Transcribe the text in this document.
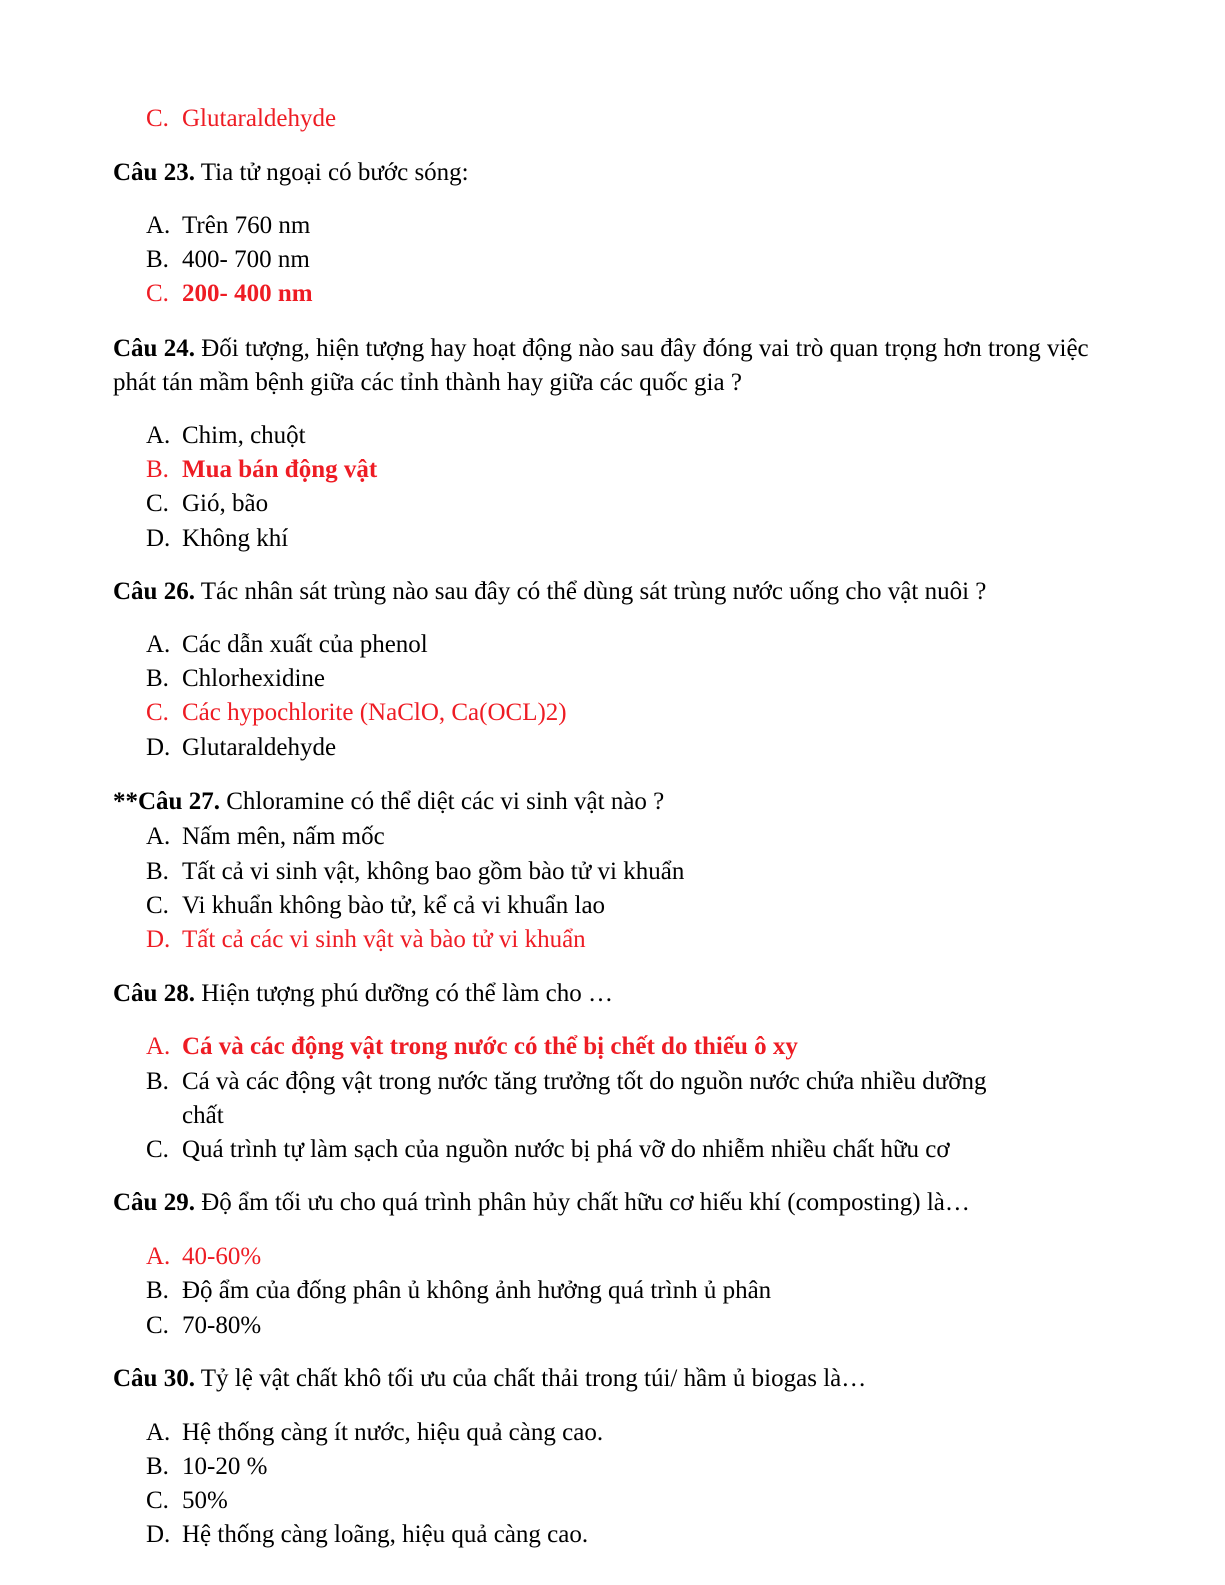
C. Glutaraldehyde
Câu 23. Tia tử ngoại có bước sóng:
A. Trên 760 nm
B. 400- 700 nm
C. 200- 400 nm
Câu 24. Đối tượng, hiện tượng hay hoạt động nào sau đây đóng vai trò quan trọng hơn trong việc phát tán mầm bệnh giữa các tỉnh thành hay giữa các quốc gia ?
A. Chim, chuột
B. Mua bán động vật
C. Gió, bão
D. Không khí
Câu 26. Tác nhân sát trùng nào sau đây có thể dùng sát trùng nước uống cho vật nuôi ?
A. Các dẫn xuất của phenol
B. Chlorhexidine
C. Các hypochlorite (NaClO, Ca(OCL)2)
D. Glutaraldehyde
**Câu 27. Chloramine có thể diệt các vi sinh vật nào ?
A. Nấm mên, nấm mốc
B. Tất cả vi sinh vật, không bao gồm bào tử vi khuẩn
C. Vi khuẩn không bào tử, kể cả vi khuẩn lao
D. Tất cả các vi sinh vật và bào tử vi khuẩn
Câu 28. Hiện tượng phú dưỡng có thể làm cho …
A. Cá và các động vật trong nước có thể bị chết do thiếu ô xy
B. Cá và các động vật trong nước tăng trưởng tốt do nguồn nước chứa nhiều dưỡng
chất
C. Quá trình tự làm sạch của nguồn nước bị phá vỡ do nhiễm nhiều chất hữu cơ
Câu 29. Độ ẩm tối ưu cho quá trình phân hủy chất hữu cơ hiếu khí (composting) là…
A. 40-60%
B. Độ ẩm của đống phân ủ không ảnh hưởng quá trình ủ phân
C. 70-80%
Câu 30. Tỷ lệ vật chất khô tối ưu của chất thải trong túi/ hầm ủ biogas là…
A. Hệ thống càng ít nước, hiệu quả càng cao.
B. 10-20 %
C. 50%
D. Hệ thống càng loãng, hiệu quả càng cao.
